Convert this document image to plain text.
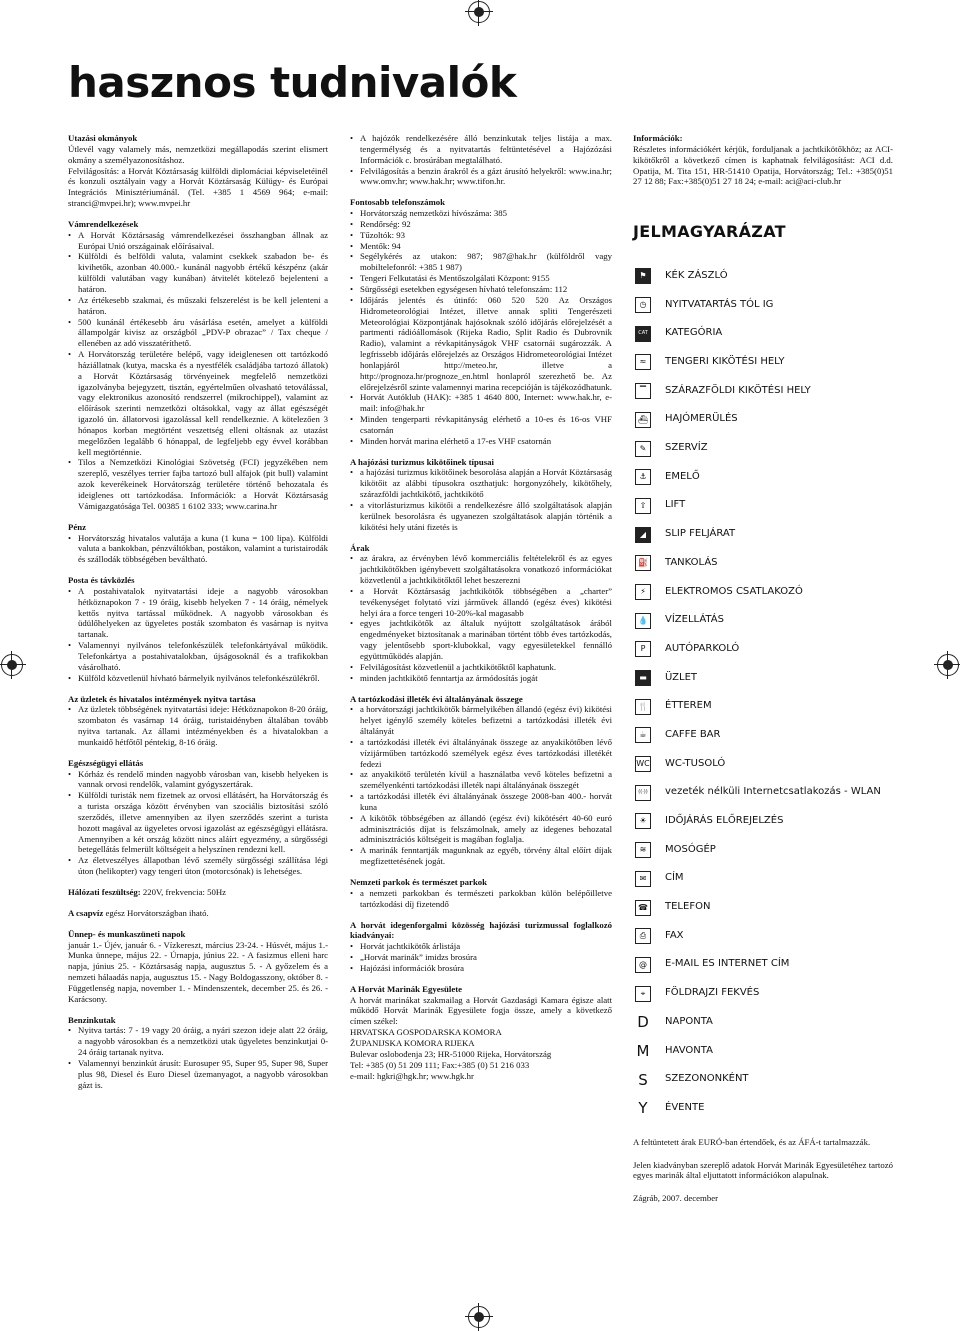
hasznos tudnivalók

Utazási okmányok

Útlevél vagy valamely más, nemzetközi megállapodás szerint elismert okmány a személyazonosításhoz.

Felvilágosítás: a Horvát Köztársaság külföldi diplomáciai képviseletéinél és konzuli osztályain vagy a Horvát Köztársaság Külügy- és Európai Integrációs Minisztériumánál. (Tel. +385 1 4569 964; e-mail: stranci@mvpei.hr); www.mvpei.hr

Vámrendelkezések

• A Horvát Köztársaság vámrendelkezései összhangban állnak az Európai Unió országainak előírásaival.
• Külföldi és belföldi valuta, valamint csekkek szabadon be- és kivihetők, azonban 40.000.- kunánál nagyobb értékű készpénz (akár külföldi valutában vagy kunában) átvitelét kötelező bejelenteni a határon.
• Az értékesebb szakmai, és műszaki felszerelést is be kell jelenteni a határon.
• 500 kunánál értékesebb áru vásárlása esetén, amelyet a külföldi állampolgár kivisz az országból „PDV-P obrazac” / Tax cheque / ellenében az adó visszatéríthető.
• A Horvátország területére belépő, vagy ideiglenesen ott tartózkodó háziállatnak (kutya, macska és a nyestfélék családjába tartozó állatok) a Horvát Köztársaság törvényeinek megfelelő nemzetközi igazolványba bejegyzett, tisztán, egyértelműen olvasható tetoválással, vagy elektronikus azonosító rendszerrel (mikrochippel), valamint az előírások szerinti nemzetközi oltásokkal, vagy az állat egészségét igazoló ún. állatorvosi igazolással kell rendelkeznie. A kötelezően 3 hónapos korban megtörtént veszettség elleni oltásnak az utazást megelőzően legalább 6 hónappal, de legfeljebb egy évvel korábban kell megtörténnie.
• Tilos a Nemzetközi Kinológiai Szövetség (FCI) jegyzékében nem szereplő, veszélyes terrier fajba tartozó bull alfajok (pit bull) valamint azok keverékeinek Horvátország területére történő behozatala és ideiglenes ott tartózkodása. Információk: a Horvát Köztársaság Vámigazgatósága Tel. 00385 1 6102 333; www.carina.hr

Pénz

• Horvátország hivatalos valutája a kuna (1 kuna = 100 lipa). Külföldi valuta a bankokban, pénzváltókban, postákon, valamint a turistairodák és szállodák többségében beváltható.

Posta és távközlés

• A postahivatalok nyitvatartási ideje a nagyobb városokban hétköznapokon 7 - 19 óráig, kisebb helyeken 7 - 14 óráig, némelyek kettős nyitva tartással működnek. A nagyobb városokban és üdülőhelyeken az ügyeletes posták szombaton és vasárnap is nyitva tartanak.
• Valamennyi nyilvános telefonkészülék telefonkártyával működik. Telefonkártya a postahivatalokban, újságosoknál és a trafikokban vásárolható.
• Külföld közvetlenül hívható bármelyik nyilvános telefonkészülékről.

Az üzletek és hivatalos intézmények nyitva tartása

• Az üzletek többségének nyitvatartási ideje: Hétköznapokon 8-20 óráig, szombaton és vasárnap 14 óráig, turistaidényben általában tovább nyitva tartanak. Az állami intézményekben és a hivatalokban a munkaidő hétfőtől péntekig, 8-16 óráig.

Egészségügyi ellátás

• Kórház és rendelő minden nagyobb városban van, kisebb helyeken is vannak orvosi rendelők, valamint gyógyszertárak.
• Külföldi turisták nem fizetnek az orvosi ellátásért, ha Horvátország és a turista országa között érvényben van szociális biztosítási szóló szerződés, illetve amennyiben az ilyen szerződés szerint a turista hozott magával az ügyeletes orvosi igazolást az egészségügyi ellátásra. Amennyiben a két ország között nincs aláírt egyezmény, a sürgősségi betegellátás felmerült költségeit a helyszínen rendezni kell.
• Az életveszélyes állapotban lévő személy sürgősségi szállítása légi úton (helikopter) vagy tengeri úton (motorcsónak) is lehetséges.

Hálózati feszültség: 220V, frekvencia: 50Hz

A csapvíz egész Horvátországban iható.

Ünnep- és munkaszüneti napok

január 1.- Újév, január 6. - Vízkereszt, március 23-24. - Húsvét, május 1.- Munka ünnepe, május 22. - Úrnapja, június 22. - A fasizmus elleni harc napja, június 25. - Köztársaság napja, augusztus 5. - A győzelem és a nemzeti hálaadás napja, augusztus 15. - Nagy Boldogasszony, október 8. - Függetlenség napja, november 1. - Mindenszentek, december 25. és 26. - Karácsony.

Benzinkutak

• Nyitva tartás: 7 - 19 vagy 20 óráig, a nyári szezon ideje alatt 22 óráig, a nagyobb városokban és a nemzetközi utak ügyeletes benzinkutjai 0-24 óráig tartanak nyitva.
• Valamennyi benzinkút árusít: Eurosuper 95, Super 95, Super 98, Super plus 98, Diesel és Euro Diesel üzemanyagot, a nagyobb városokban gázt is.
• A hajózók rendelkezésére álló benzinkutak teljes listája a max. tengermélység és a nyitvatartás feltüntetésével a Hajózózási Információk c. brosúrában megtalálható.
• Felvilágosítás a benzin árakról és a gázt árusító helyekről: www.ina.hr; www.omv.hr; www.hak.hr; www.tifon.hr.

Fontosabb telefonszámok

• Horvátország nemzetközi hívószáma: 385
• Rendőrség: 92
• Tűzoltók: 93
• Mentők: 94
• Segélykérés az utakon: 987; 987@hak.hr (külföldről vagy mobiltelefonról: +385 1 987)
• Tengeri Felkutatási és Mentőszolgálati Központ: 9155
• Sürgősségi esetekben egységesen hívható telefonszám: 112
• Időjárás jelentés és útinfó: 060 520 520 Az Országos Hidrometeorológiai Intézet, illetve annak spliti Tengerészeti Meteorológiai Központjának hajósoknak szóló időjárás előrejelzését a partmenti rádióállomások (Rijeka Radio, Split Radio és Dubrovnik Radio), valamint a révkapitányságok VHF csatornái sugározzák. A legfrissebb időjárás előrejelzés az Országos Hidrometeorológiai Intézet honlapjáról http://meteo.hr, illetve a http://prognoza.hr/prognoze_en.html honlapról szerezhető be. Az előrejelzésről szinte valamennyi marina recepcióján is tájékozódhatunk.
• Horvát Autóklub (HAK): +385 1 4640 800, Internet: www.hak.hr, e-mail: info@hak.hr
• Minden tengerparti révkapitányság elérhető a 10-es és 16-os VHF csatornán
• Minden horvát marina elérhető a 17-es VHF csatornán

A hajózási turizmus kikötőinek típusai

• a hajózási turizmus kikötőinek besorolása alapján a Horvát Köztársaság kikötőit az alábbi típusokra oszthatjuk: horgonyzóhely, kikötőhely, szárazföldi jachtkikötő, jachtkikötő
• a vitorlásturizmus kikötői a rendelkezésre álló szolgáltatások alapján kerülnek besorolásra és ugyanezen szolgáltatások alapján történik a kikötési hely utáni fizetés is

Árak

• az árakra, az érvényben lévő kommerciális feltételekről és az egyes jachtkikötőkben igénybevett szolgáltatásokra vonatkozó információkat közvetlenül a jachtkikötőktől lehet beszerezni
• a Horvát Köztársaság jachtkikötők többségében a „charter” tevékenységet folytató vízi járművek állandó (egész éves) kikötési helyi ára a force tengeri 10-20%-kal magasabb
• egyes jachtkikötők az általuk nyújtott szolgáltatások árából engedményeket biztosítanak a marinában történt több éves tartózkodás, vagy jelentősebb sport-klubokkal, vagy egyesületekkel fennálló együttműködés alapján.
• Felvilágosítást közvetlenül a jachtkikötőktől kaphatunk.
• minden jachtkikötő fenntartja az ármódosítás jogát

A tartózkodási illeték évi általányának összege

• a horvátországi jachtkikötők bármelyikében állandó (egész évi) kikötési helyet igénylő személy köteles befizetni a tartózkodási illeték évi általányát
• a tartózkodási illeték évi általányának összege az anyakikötőben lévő vízijárműben tartózkodó személyek egész éves tartózkodási illetékét fedezi
• az anyakikötő területén kívül a használatba vevő köteles befizetni a személyenkénti tartózkodási illeték napi általányának összegét
• a tartózkodási illeték évi általányának összege 2008-ban 400.- horvát kuna
• A kikötők többségében az állandó (egész évi) kikötésért 40-60 euró adminisztrációs díjat is felszámolnak, amely az idegenes behozatal adminisztrációs költségeit is magában foglalja.
• A marinák fenntartják magunknak az egyéb, törvény által előírt díjak megfizettetésének jogát.

Nemzeti parkok és természet parkok

• a nemzeti parkokban és természeti parkokban külön belépőilletve tartózkodási díj fizetendő

A horvát idegenforgalmi közösség hajózási turizmussal foglalkozó kiadványai:

• Horvát jachtkikötők árlistája
• „Horvát marinák” imidzs brosúra
• Hajózási információk brosúra

A Horvát Marinák Egyesülete

A horvát marinákat szakmailag a Horvát Gazdasági Kamara égisze alatt működő Horvát Marinák Egyesülete fogja össze, amely a következő címen székel:

HRVATSKA GOSPODARSKA KOMORA

ŽUPANIJSKA KOMORA RIJEKA

Bulevar oslobođenja 23; HR-51000 Rijeka, Horvátország

Tel: +385 (0) 51 209 111; Fax:+385 (0) 51 216 033

e-mail: hgkri@hgk.hr; www.hgk.hr

Információk:

Részletes információkért kérjük, forduljanak a jachtkikötőkhöz; az ACI-kikötőkről a következő címen is kaphatnak felvilágosítást: ACI d.d. Opatija, M. Tita 151, HR-51410 Opatija, Horvátország; Tel.: +385(0)51 27 12 88; Fax:+385(0)51 27 18 24; e-mail: aci@aci-club.hr

JELMAGYARÁZAT
⚑	KÉK ZÁSZLÓ
◷	NYITVATARTÁS TÓL IG
CAT	KATEGÓRIA
≈	TENGERI KIKÖTÉSI HELY
▔	SZÁRAZFÖLDI KIKÖTÉSI HELY
⛴ HAJÓMERÜLÉS
✎	SZERVÍZ
⚓	EMELŐ
⇧	LIFT
◢	SLIP FELJÁRAT
⛽	TANKOLÁS
⚡	ELEKTROMOS CSATLAKOZÓ
💧	VÍZELLÁTÁS
P	AUTÓPARKOLÓ
▬	ÜZLET
🍴	ÉTTEREM
☕	CAFFE BAR
WC WC-TUSOLÓ
((·))	vezeték nélküli Internetcsatlakozás - WLAN
☀	IDŐJÁRÁS ELŐREJELZÉS
≋	MOSÓGÉP
✉	CÍM
☎	TELEFON
⎙	FAX
@	E-MAIL ES INTERNET CÍM
⌖	FÖLDRAJZI FEKVÉS
D NAPONTA
M HAVONTA
S	SZEZONONKÉNT
Y	ÉVENTE

A feltüntetett árak EURÓ-ban értendőek, és az ÁFÁ-t tartalmazzák.

Jelen kiadványban szereplő adatok Horvát Marinák Egyesületéhez tartozó egyes marinák által eljuttatott információkon alapulnak.

Zágráb, 2007. december
